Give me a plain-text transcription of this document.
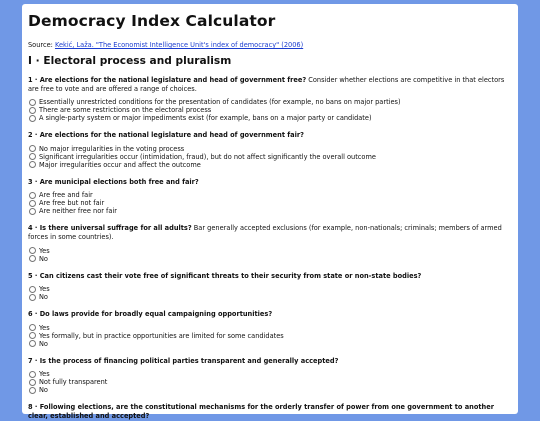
Democracy Index Calculator

Source: Kekić, Laža. "The Economist Intelligence Unit's index of democracy" (2006)

I · Electoral process and pluralism

1 · Are elections for the national legislature and head of government free? Consider whether elections are competitive in that electors are free to vote and are offered a range of choices.

Essentially unrestricted conditions for the presentation of candidates (for example, no bans on major parties)
There are some restrictions on the electoral process
A single-party system or major impediments exist (for example, bans on a major party or candidate)

2 · Are elections for the national legislature and head of government fair?

No major irregularities in the voting process
Significant irregularities occur (intimidation, fraud), but do not affect significantly the overall outcome
Major irregularities occur and affect the outcome

3 · Are municipal elections both free and fair?

Are free and fair
Are free but not fair
Are neither free nor fair

4 · Is there universal suffrage for all adults? Bar generally accepted exclusions (for example, non-nationals; criminals; members of armed forces in some countries).

Yes
No

5 · Can citizens cast their vote free of significant threats to their security from state or non-state bodies?

Yes
No

6 · Do laws provide for broadly equal campaigning opportunities?

Yes
Yes formally, but in practice opportunities are limited for some candidates
No

7 · Is the process of financing political parties transparent and generally accepted?

Yes
Not fully transparent
No

8 · Following elections, are the constitutional mechanisms for the orderly transfer of power from one government to another clear, established and accepted?
